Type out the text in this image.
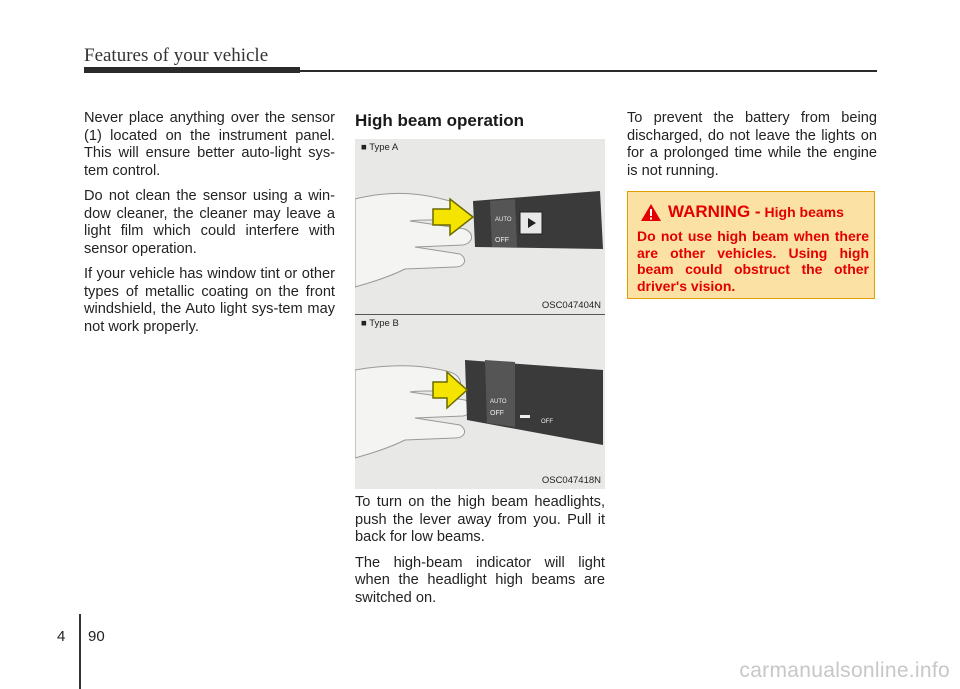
Features of your vehicle

Never place anything over the sensor (1) located on the instrument panel. This will ensure better auto-light sys-tem control.

Do not clean the sensor using a win-dow cleaner, the cleaner may leave a light film which could interfere with sensor operation.

If your vehicle has window tint or other types of metallic coating on the front windshield, the Auto light sys-tem may not work properly.

High beam operation
OFF
AUTO
■ Type A
OSC047404N
OFF
AUTO
OFF
■ Type B
OSC047418N

To turn on the high beam headlights, push the lever away from you. Pull it back for low beams.

The high-beam indicator will light when the headlight high beams are switched on.

To prevent the battery from being discharged, do not leave the lights on for a prolonged time while the engine is not running.

WARNING - High beams
Do not use high beam when there are other vehicles. Using high beam could obstruct the other driver's vision.
4 90
carmanualsonline.info
